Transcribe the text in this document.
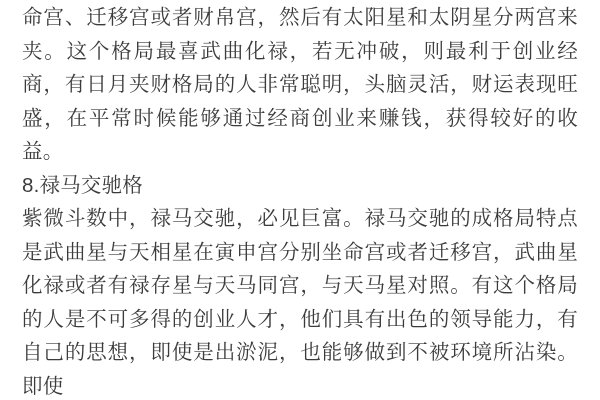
命宫、迁移宫或者财帛宫，然后有太阳星和太阴星分两宫来夹。这个格局最喜武曲化禄，若无冲破，则最利于创业经商，有日月夹财格局的人非常聪明，头脑灵活，财运表现旺盛，在平常时候能够通过经商创业来赚钱，获得较好的收益。

8.禄马交驰格

紫微斗数中，禄马交驰，必见巨富。禄马交驰的成格局特点是武曲星与天相星在寅申宫分别坐命宫或者迁移宫，武曲星化禄或者有禄存星与天马同宫，与天马星对照。有这个格局的人是不可多得的创业人才，他们具有出色的领导能力，有自己的思想，即使是出淤泥，也能够做到不被环境所沾染。即使
